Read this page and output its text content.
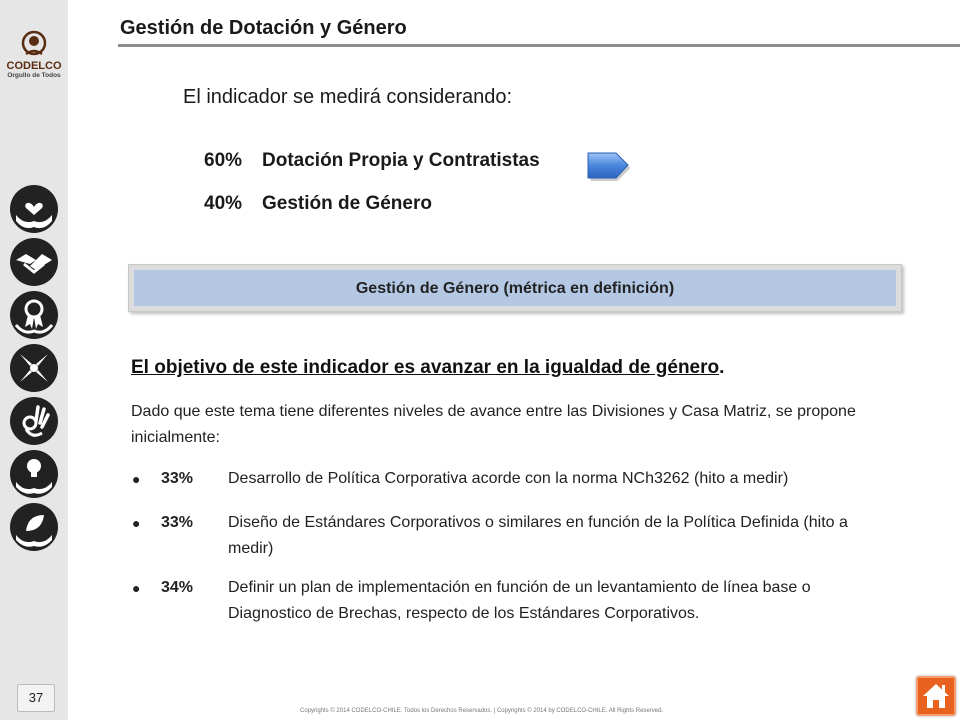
CODELCO
Orgullo de Todos
37
Gestión de Dotación y Género
El indicador se medirá considerando:
60% Dotación Propia y Contratistas
40% Gestión de Género
Gestión de Género (métrica en definición)
El objetivo de este indicador es avanzar en la igualdad de género.
Dado que este tema tiene diferentes niveles de avance entre las Divisiones y Casa Matriz, se propone inicialmente:
● 33% Desarrollo de Política Corporativa acorde con la norma NCh3262 (hito a medir)
● 33% Diseño de Estándares Corporativos o similares en función de la Política Definida (hito a medir)
● 34% Definir un plan de implementación en función de un levantamiento de línea base o Diagnostico de Brechas, respecto de los Estándares Corporativos.
Copyrights © 2014 CODELCO-CHILE. Todos los Derechos Reservados. | Copyrights © 2014 by CODELCO-CHILE. All Rights Reserved.
